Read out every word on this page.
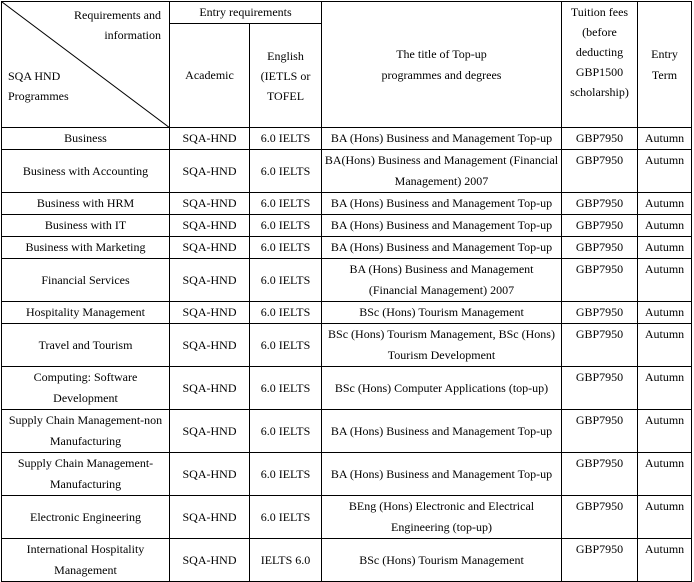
Requirements and information
SQA HND Programmes	Entry requirements		The title of Top-up programmes and degrees	Tuition fees (before deducting GBP1500 scholarship)	Entry Term

	Academic	English (IETLS or TOFEL			

Business	SQA-HND	6.0 IELTS	BA (Hons) Business and Management Top-up	GBP7950	Autumn
Business with Accounting	SQA-HND	6.0 IELTS	BA(Hons) Business and Management (Financial Management) 2007	GBP7950	Autumn
Business with HRM	SQA-HND	6.0 IELTS	BA (Hons) Business and Management Top-up	GBP7950	Autumn
Business with IT	SQA-HND	6.0 IELTS	BA (Hons) Business and Management Top-up	GBP7950	Autumn
Business with Marketing	SQA-HND	6.0 IELTS	BA (Hons) Business and Management Top-up	GBP7950	Autumn
Financial Services	SQA-HND	6.0 IELTS	BA (Hons) Business and Management (Financial Management) 2007	GBP7950	Autumn
Hospitality Management	SQA-HND	6.0 IELTS	BSc (Hons) Tourism Management	GBP7950	Autumn
Travel and Tourism	SQA-HND	6.0 IELTS	BSc (Hons) Tourism Management, BSc (Hons) Tourism Development	GBP7950	Autumn
Computing: Software Development	SQA-HND	6.0 IELTS	BSc (Hons) Computer Applications (top-up)	GBP7950	Autumn
Supply Chain Management-non Manufacturing	SQA-HND	6.0 IELTS	BA (Hons) Business and Management Top-up	GBP7950	Autumn
Supply Chain Management-Manufacturing	SQA-HND	6.0 IELTS	BA (Hons) Business and Management Top-up	GBP7950	Autumn
Electronic Engineering	SQA-HND	6.0 IELTS	BEng (Hons) Electronic and Electrical Engineering (top-up)	GBP7950	Autumn
International Hospitality Management	SQA-HND	IELTS 6.0	BSc (Hons) Tourism Management	GBP7950	Autumn
